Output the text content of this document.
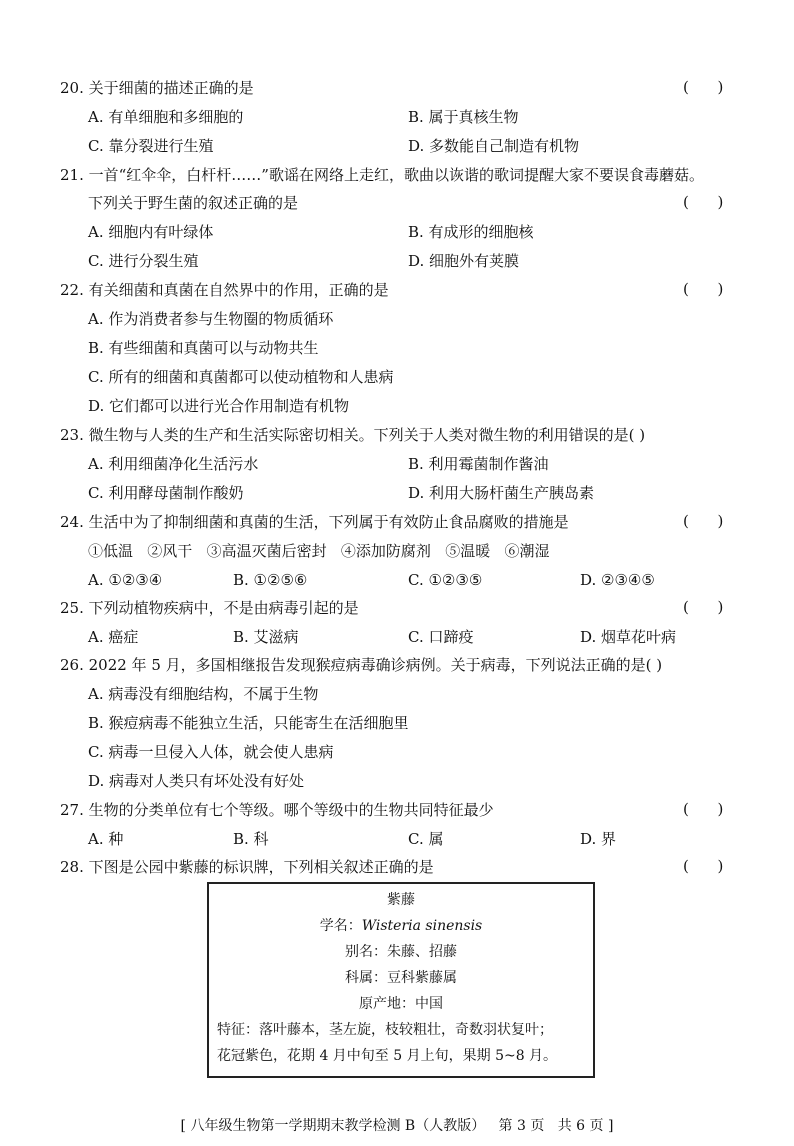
20. 关于细菌的描述正确的是	(      )
A. 有单细胞和多细胞的	B. 属于真核生物
C. 靠分裂进行生殖	D. 多数能自己制造有机物
21. 一首“红伞伞，白杆杆……”歌谣在网络上走红，歌曲以诙谐的歌词提醒大家不要误食毒蘑菇。
下列关于野生菌的叙述正确的是	(      )
A. 细胞内有叶绿体	B. 有成形的细胞核
C. 进行分裂生殖	D. 细胞外有荚膜
22. 有关细菌和真菌在自然界中的作用，正确的是	(      )
A. 作为消费者参与生物圈的物质循环
B. 有些细菌和真菌可以与动物共生
C. 所有的细菌和真菌都可以使动植物和人患病
D. 它们都可以进行光合作用制造有机物
23. 微生物与人类的生产和生活实际密切相关。下列关于人类对微生物的利用错误的是( )
A. 利用细菌净化生活污水	B. 利用霉菌制作酱油
C. 利用酵母菌制作酸奶	D. 利用大肠杆菌生产胰岛素
24. 生活中为了抑制细菌和真菌的生活，下列属于有效防止食品腐败的措施是	(      )
①低温   ②风干   ③高温灭菌后密封   ④添加防腐剂   ⑤温暖   ⑥潮湿
A. ①②③④	B. ①②⑤⑥	C. ①②③⑤	D. ②③④⑤
25. 下列动植物疾病中，不是由病毒引起的是	(      )
A. 癌症	B. 艾滋病	C. 口蹄疫	D. 烟草花叶病
26. 2022 年 5 月，多国相继报告发现猴痘病毒确诊病例。关于病毒，下列说法正确的是( )
A. 病毒没有细胞结构，不属于生物
B. 猴痘病毒不能独立生活，只能寄生在活细胞里
C. 病毒一旦侵入人体，就会使人患病
D. 病毒对人类只有坏处没有好处
27. 生物的分类单位有七个等级。哪个等级中的生物共同特征最少	(      )
A. 种	B. 科	C. 属	D. 界
28. 下图是公园中紫藤的标识牌，下列相关叙述正确的是	(      )
紫藤
学名：Wisteria sinensis
别名：朱藤、招藤
科属：豆科紫藤属
原产地：中国
特征：落叶藤本，茎左旋，枝较粗壮，奇数羽状复叶；
花冠紫色，花期 4 月中旬至 5 月上旬，果期 5~8 月。
[ 八年级生物第一学期期末教学检测 B（人教版）   第 3 页   共 6 页 ]
